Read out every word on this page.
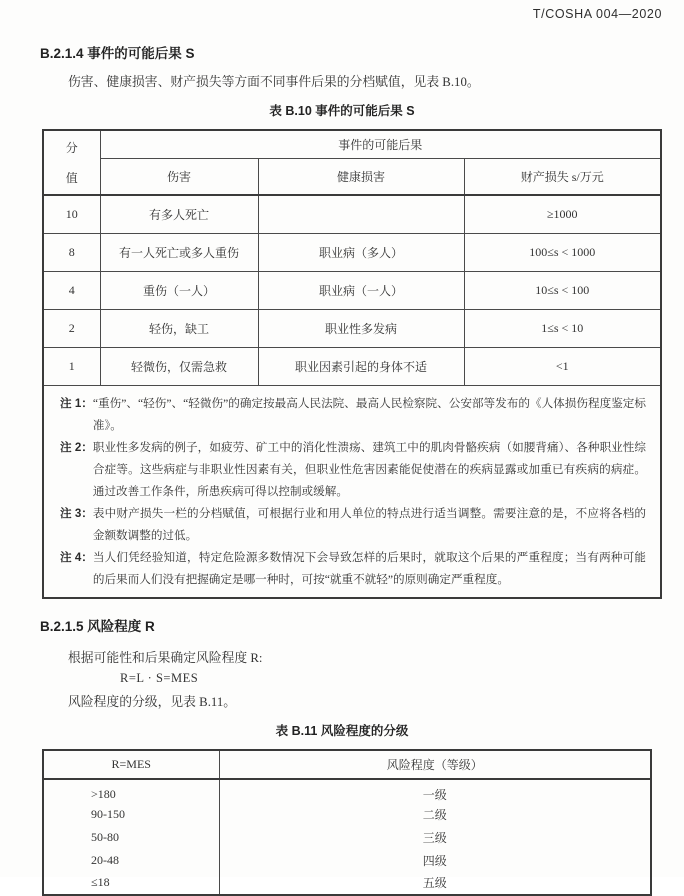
T/COSHA 004—2020
B.2.1.4 事件的可能后果 S

伤害、健康损害、财产损失等方面不同事件后果的分档赋值，见表 B.10。

表 B.10 事件的可能后果 S
分
值	事件的可能后果		
	伤害	健康损害	财产损失 s/万元
10	有多人死亡		≥1000
8	有一人死亡或多人重伤	职业病（多人）	100≤s < 1000
4	重伤（一人）	职业病（一人）	10≤s < 100
2	轻伤，缺工	职业性多发病	1≤s < 10
1	轻微伤，仅需急救	职业因素引起的身体不适	<1

注 1： “重伤”、“轻伤”、“轻微伤”的确定按最高人民法院、最高人民检察院、公安部等发布的《人体损伤程度鉴定标准》。
注 2： 职业性多发病的例子，如疲劳、矿工中的消化性溃疡、建筑工中的肌肉骨骼疾病（如腰背痛）、各种职业性综合症等。这些病症与非职业性因素有关，但职业性危害因素能促使潜在的疾病显露或加重已有疾病的病症。通过改善工作条件，所患疾病可得以控制或缓解。
注 3： 表中财产损失一栏的分档赋值，可根据行业和用人单位的特点进行适当调整。需要注意的是，不应将各档的金额数调整的过低。
注 4： 当人们凭经验知道，特定危险源多数情况下会导致怎样的后果时，就取这个后果的严重程度；当有两种可能的后果而人们没有把握确定是哪一种时，可按“就重不就轻”的原则确定严重程度。
B.2.1.5 风险程度 R

根据可能性和后果确定风险程度 R:

R=L · S=MES

风险程度的分级，见表 B.11。

表 B.11 风险程度的分级
R=MES	风险程度（等级）
>180	一级
90-150	二级
50-80	三级
20-48	四级
≤18	五级
